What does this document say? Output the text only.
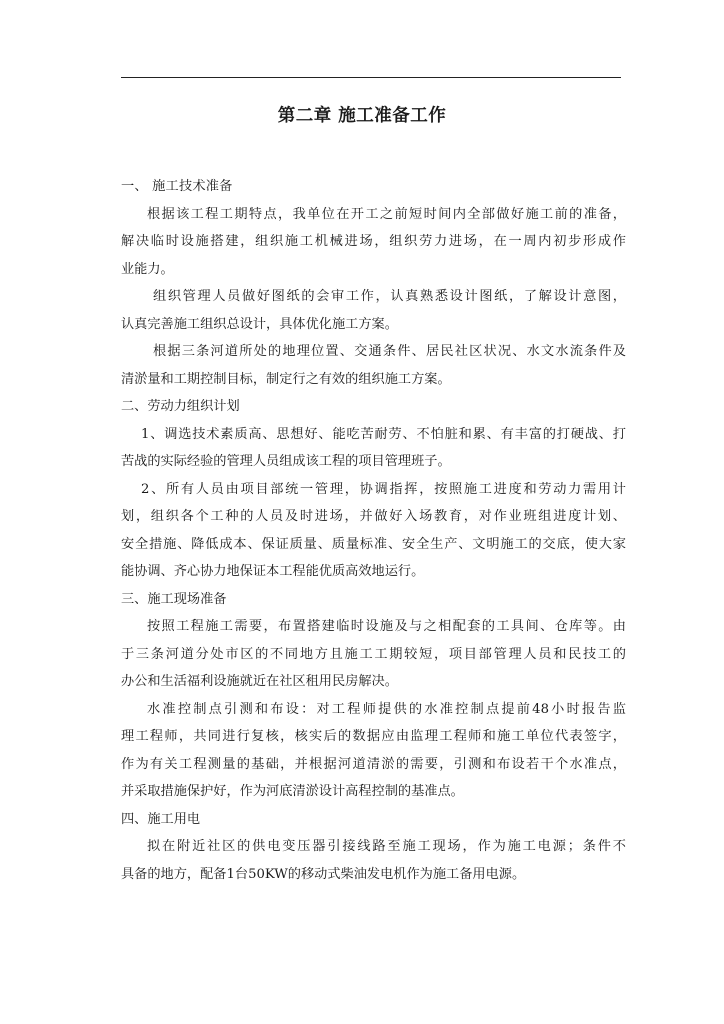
第二章 施工准备工作
一、 施工技术准备
根据该工程工期特点，我单位在开工之前短时间内全部做好施工前的准备，
解决临时设施搭建，组织施工机械进场，组织劳力进场，在一周内初步形成作
业能力。
组织管理人员做好图纸的会审工作，认真熟悉设计图纸，了解设计意图，
认真完善施工组织总设计，具体优化施工方案。
根据三条河道所处的地理位置、交通条件、居民社区状况、水文水流条件及
清淤量和工期控制目标，制定行之有效的组织施工方案。
二、劳动力组织计划
1、调选技术素质高、思想好、能吃苦耐劳、不怕脏和累、有丰富的打硬战、打
苦战的实际经验的管理人员组成该工程的项目管理班子。
2、所有人员由项目部统一管理，协调指挥，按照施工进度和劳动力需用计
划，组织各个工种的人员及时进场，并做好入场教育，对作业班组进度计划、
安全措施、降低成本、保证质量、质量标准、安全生产、文明施工的交底，使大家
能协调、齐心协力地保证本工程能优质高效地运行。
三、施工现场准备
按照工程施工需要，布置搭建临时设施及与之相配套的工具间、仓库等。由
于三条河道分处市区的不同地方且施工工期较短，项目部管理人员和民技工的
办公和生活福利设施就近在社区租用民房解决。
水准控制点引测和布设：对工程师提供的水准控制点提前48小时报告监
理工程师，共同进行复核，核实后的数据应由监理工程师和施工单位代表签字，
作为有关工程测量的基础，并根据河道清淤的需要，引测和布设若干个水准点，
并采取措施保护好，作为河底清淤设计高程控制的基准点。
四、施工用电
拟在附近社区的供电变压器引接线路至施工现场，作为施工电源；条件不
具备的地方，配备1台50KW的移动式柴油发电机作为施工备用电源。
